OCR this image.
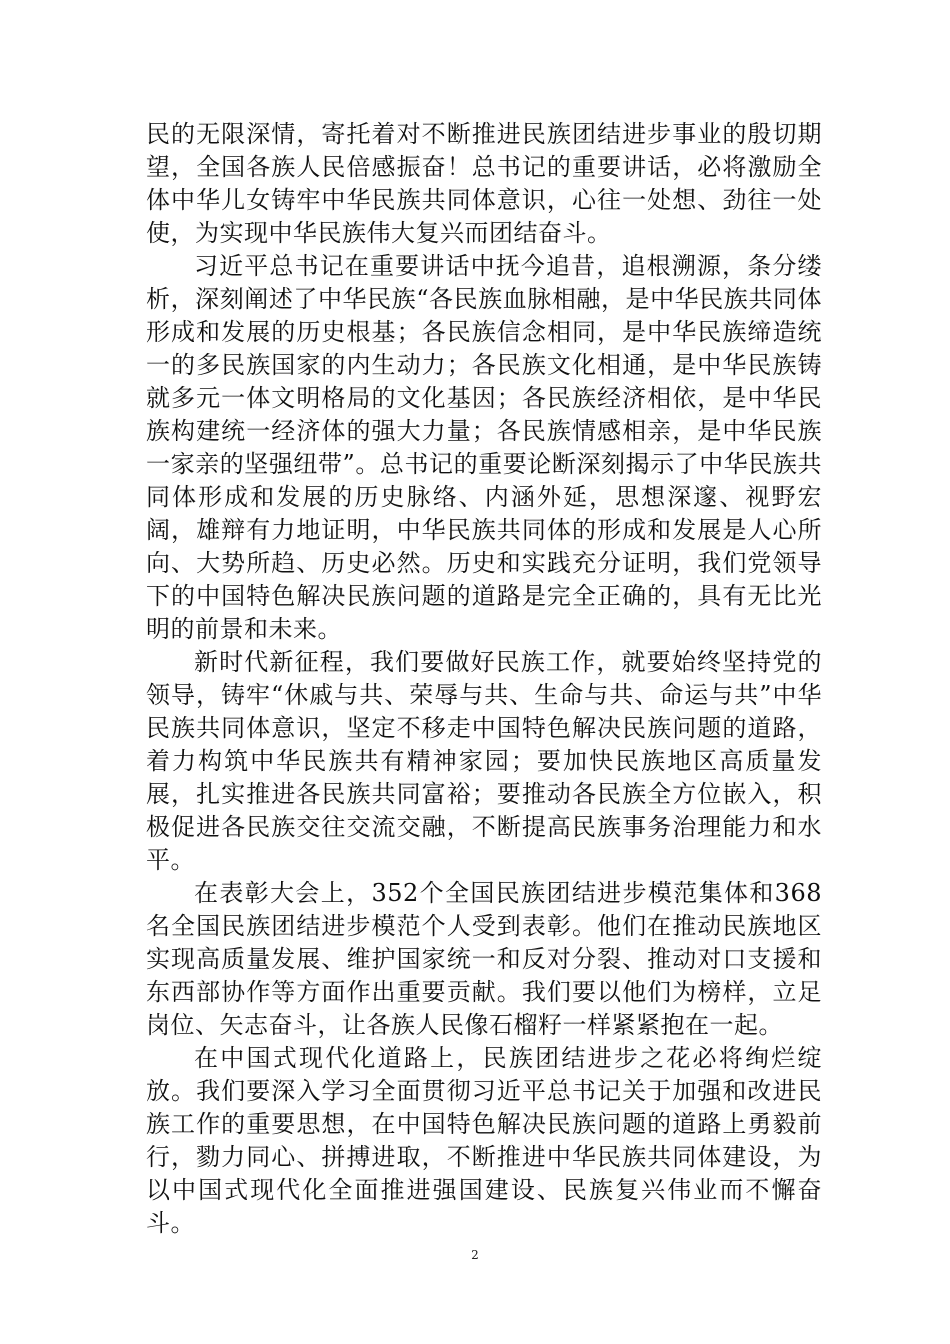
民的无限深情，寄托着对不断推进民族团结进步事业的殷切期望，全国各族人民倍感振奋！总书记的重要讲话，必将激励全体中华儿女铸牢中华民族共同体意识，心往一处想、劲往一处使，为实现中华民族伟大复兴而团结奋斗。

习近平总书记在重要讲话中抚今追昔，追根溯源，条分缕析，深刻阐述了中华民族“各民族血脉相融，是中华民族共同体形成和发展的历史根基；各民族信念相同，是中华民族缔造统一的多民族国家的内生动力；各民族文化相通，是中华民族铸就多元一体文明格局的文化基因；各民族经济相依，是中华民族构建统一经济体的强大力量；各民族情感相亲，是中华民族一家亲的坚强纽带”。总书记的重要论断深刻揭示了中华民族共同体形成和发展的历史脉络、内涵外延，思想深邃、视野宏阔，雄辩有力地证明，中华民族共同体的形成和发展是人心所向、大势所趋、历史必然。历史和实践充分证明，我们党领导下的中国特色解决民族问题的道路是完全正确的，具有无比光明的前景和未来。

新时代新征程，我们要做好民族工作，就要始终坚持党的领导，铸牢“休戚与共、荣辱与共、生命与共、命运与共”中华民族共同体意识，坚定不移走中国特色解决民族问题的道路，着力构筑中华民族共有精神家园；要加快民族地区高质量发展，扎实推进各民族共同富裕；要推动各民族全方位嵌入，积极促进各民族交往交流交融，不断提高民族事务治理能力和水平。

在表彰大会上，352个全国民族团结进步模范集体和368名全国民族团结进步模范个人受到表彰。他们在推动民族地区实现高质量发展、维护国家统一和反对分裂、推动对口支援和东西部协作等方面作出重要贡献。我们要以他们为榜样，立足岗位、矢志奋斗，让各族人民像石榴籽一样紧紧抱在一起。

在中国式现代化道路上，民族团结进步之花必将绚烂绽放。我们要深入学习全面贯彻习近平总书记关于加强和改进民族工作的重要思想，在中国特色解决民族问题的道路上勇毅前行，勠力同心、拼搏进取，不断推进中华民族共同体建设，为以中国式现代化全面推进强国建设、民族复兴伟业而不懈奋斗。

2
